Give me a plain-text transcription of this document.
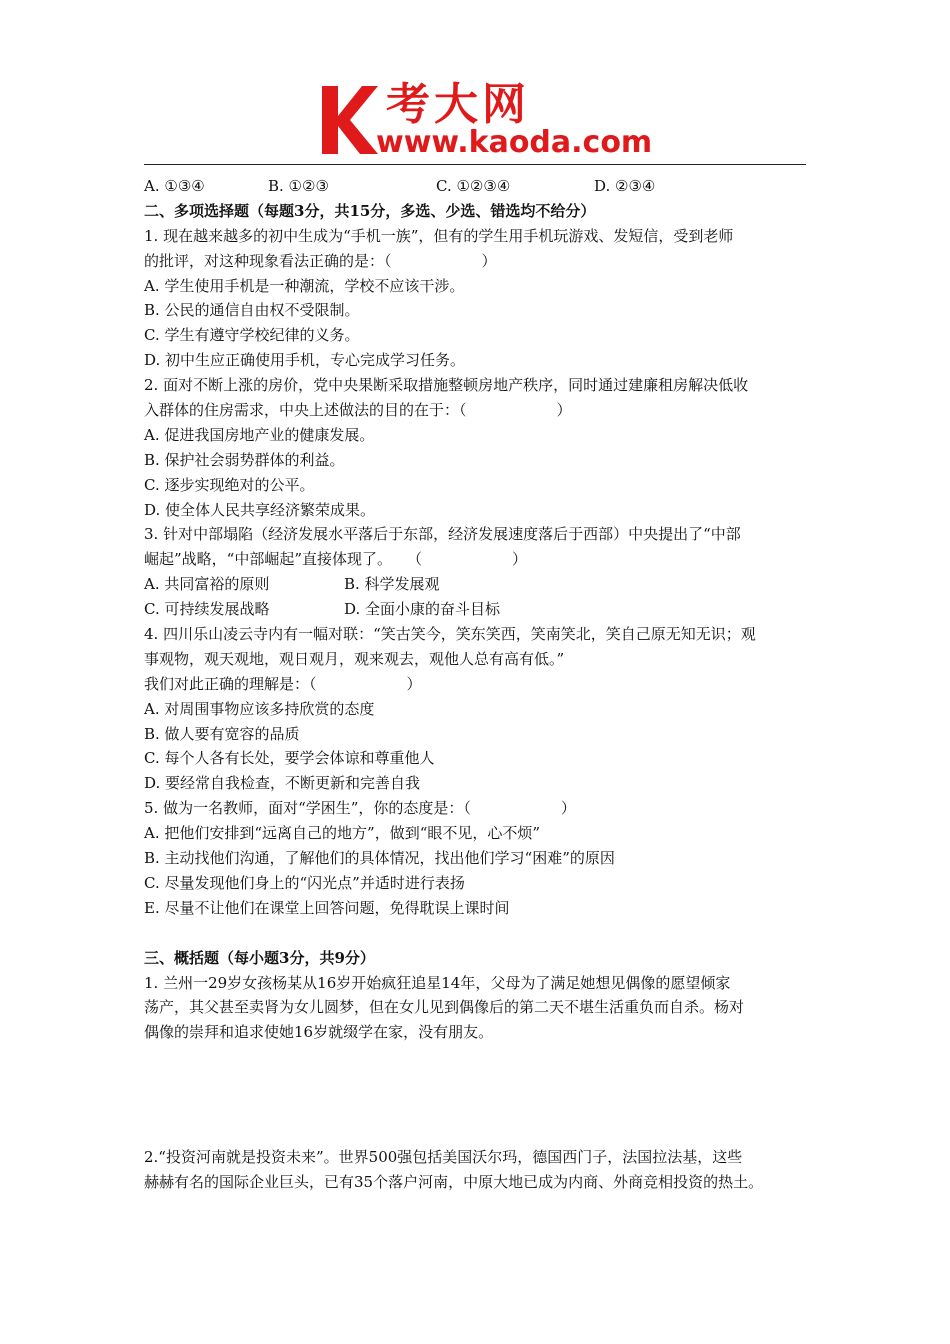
考大网
www.kaoda.com
A. ①③④	B. ①②③	C. ①②③④	D. ②③④
二、多项选择题（每题3分，共15分，多选、少选、错选均不给分）
1. 现在越来越多的初中生成为“手机一族”，但有的学生用手机玩游戏、发短信，受到老师
的批评，对这种现象看法正确的是：（　　　　　　）
A. 学生使用手机是一种潮流，学校不应该干涉。
B. 公民的通信自由权不受限制。
C. 学生有遵守学校纪律的义务。
D. 初中生应正确使用手机，专心完成学习任务。
2. 面对不断上涨的房价，党中央果断采取措施整顿房地产秩序，同时通过建廉租房解决低收
入群体的住房需求，中央上述做法的目的在于：（　　　　　　）
A. 促进我国房地产业的健康发展。
B. 保护社会弱势群体的利益。
C. 逐步实现绝对的公平。
D. 使全体人民共享经济繁荣成果。
3. 针对中部塌陷（经济发展水平落后于东部，经济发展速度落后于西部）中央提出了“中部
崛起”战略，“中部崛起”直接体现了。　　（　　　　　　）
A. 共同富裕的原则	B. 科学发展观
C. 可持续发展战略	D. 全面小康的奋斗目标
4. 四川乐山凌云寺内有一幅对联：“笑古笑今，笑东笑西，笑南笑北，笑自己原无知无识；观
事观物，观天观地，观日观月，观来观去，观他人总有高有低。”
我们对此正确的理解是：（　　　　　　）
A. 对周围事物应该多持欣赏的态度
B. 做人要有宽容的品质
C. 每个人各有长处，要学会体谅和尊重他人
D. 要经常自我检查，不断更新和完善自我
5. 做为一名教师，面对“学困生”，你的态度是：（　　　　　　）
A. 把他们安排到“远离自己的地方”，做到“眼不见，心不烦”
B. 主动找他们沟通，了解他们的具体情况，找出他们学习“困难”的原因
C. 尽量发现他们身上的“闪光点”并适时进行表扬
E. 尽量不让他们在课堂上回答问题，免得耽误上课时间
三、概括题（每小题3分，共9分）
1. 兰州一29岁女孩杨某从16岁开始疯狂追星14年，父母为了满足她想见偶像的愿望倾家
荡产，其父甚至卖肾为女儿圆梦，但在女儿见到偶像后的第二天不堪生活重负而自杀。杨对
偶像的崇拜和追求使她16岁就缀学在家，没有朋友。
2.“投资河南就是投资未来”。世界500强包括美国沃尔玛，德国西门子，法国拉法基，这些
赫赫有名的国际企业巨头，已有35个落户河南，中原大地已成为内商、外商竞相投资的热土。
